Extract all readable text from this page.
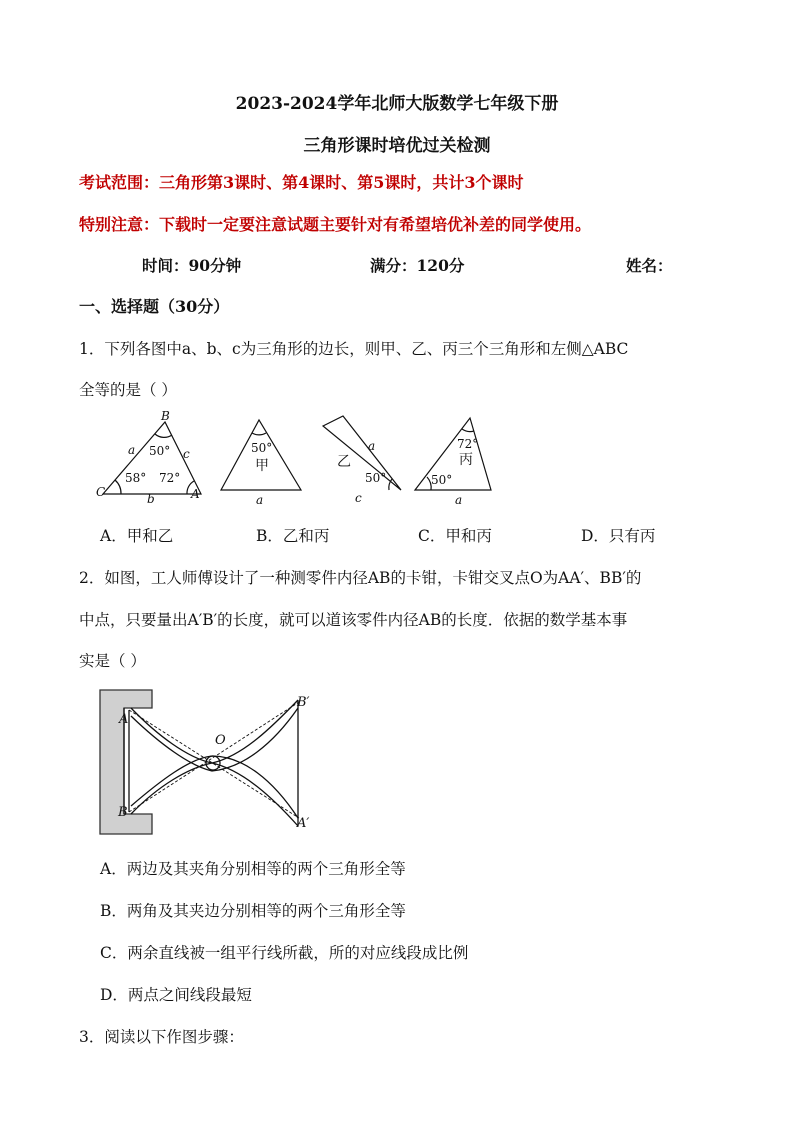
2023-2024学年北师大版数学七年级下册
三角形课时培优过关检测
考试范围：三角形第3课时、第4课时、第5课时，共计3个课时
特别注意：下载时一定要注意试题主要针对有希望培优补差的同学使用。
时间：90分钟	满分：120分	姓名：
一、选择题（30分）
1．下列各图中a、b、c为三角形的边长，则甲、乙、丙三个三角形和左侧△ABC
全等的是（ ）
B
C	A
a
b
c
50°
58° 72°
50°
甲
a
乙
a
50°
c
72°
丙
50°
a
A．甲和乙	B．乙和丙	C．甲和丙	D．只有丙
2．如图，工人师傅设计了一种测零件内径AB的卡钳，卡钳交叉点O为AA′、BB′的
中点，只要量出A′B′的长度，就可以道该零件内径AB的长度．依据的数学基本事
实是（ ）
A
B
O
B′
A′
A．两边及其夹角分别相等的两个三角形全等
B．两角及其夹边分别相等的两个三角形全等
C．两余直线被一组平行线所截，所的对应线段成比例
D．两点之间线段最短
3．阅读以下作图步骤：
